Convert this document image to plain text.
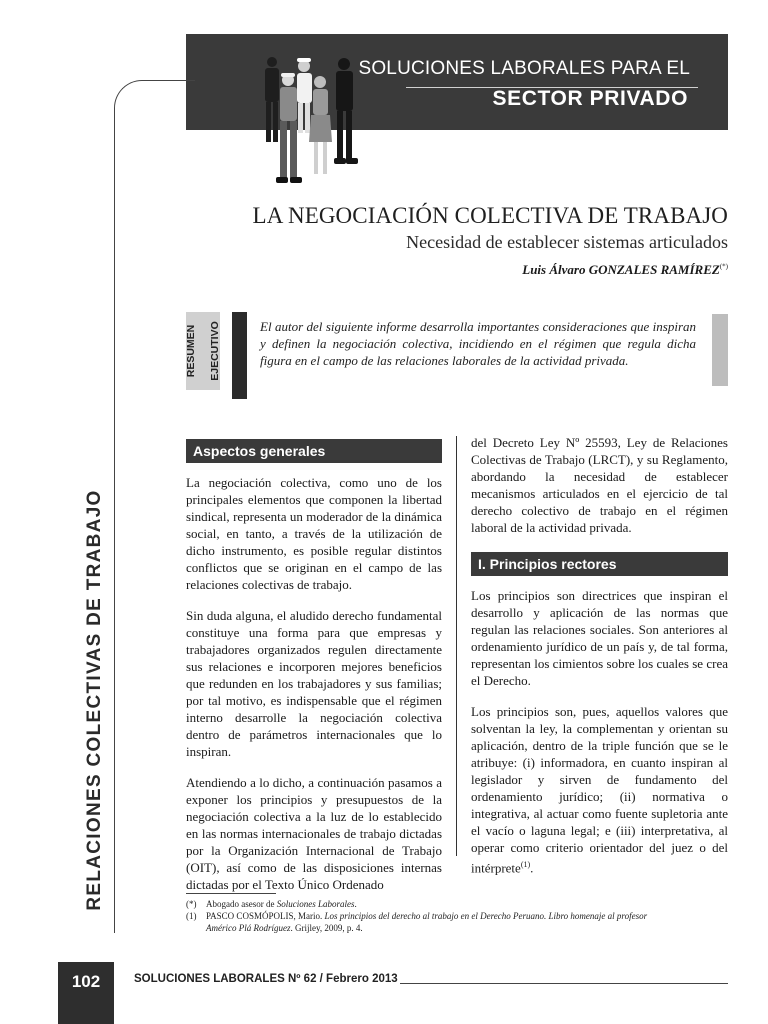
SOLUCIONES LABORALES PARA EL
SECTOR PRIVADO
LA NEGOCIACIÓN COLECTIVA DE TRABAJO
Necesidad de establecer sistemas articulados
Luis Álvaro GONZALES RAMÍREZ(*)
RESUMEN EJECUTIVO	El autor del siguiente informe desarrolla importantes consideraciones que inspiran y definen la negociación colectiva, incidiendo en el régimen que regula dicha figura en el campo de las relaciones laborales de la actividad privada.
Aspectos generales

La negociación colectiva, como uno de los principales elementos que componen la libertad sindical, representa un moderador de la dinámica social, en tanto, a través de la utilización de dicho instrumento, es posible regular distintos conflictos que se originan en el campo de las relaciones colectivas de trabajo.

Sin duda alguna, el aludido derecho fundamental constituye una forma para que empresas y trabajadores organizados regulen directamente sus relaciones e incorporen mejores beneficios que redunden en los trabajadores y sus familias; por tal motivo, es indispensable que el régimen interno desarrolle la negociación colectiva dentro de parámetros internacionales que lo inspiran.

Atendiendo a lo dicho, a continuación pasamos a exponer los principios y presupuestos de la negociación colectiva a la luz de lo establecido en las normas internacionales de trabajo dictadas por la Organización Internacional de Trabajo (OIT), así como de las disposiciones internas dictadas por el Texto Único Ordenado

del Decreto Ley Nº 25593, Ley de Relaciones Colectivas de Trabajo (LRCT), y su Reglamento, abordando la necesidad de establecer mecanismos articulados en el ejercicio de tal derecho colectivo de trabajo en el régimen laboral de la actividad privada.

I. Principios rectores

Los principios son directrices que inspiran el desarrollo y aplicación de las normas que regulan las relaciones sociales. Son anteriores al ordenamiento jurídico de un país y, de tal forma, representan los cimientos sobre los cuales se crea el Derecho.

Los principios son, pues, aquellos valores que solventan la ley, la complementan y orientan su aplicación, dentro de la triple función que se le atribuye: (i) informadora, en cuanto inspiran al legislador y sirven de fundamento del ordenamiento jurídico; (ii) normativa o integrativa, al actuar como fuente supletoria ante el vacío o laguna legal; e (iii) interpretativa, al operar como criterio orientador del juez o del intérprete$^{(1)}$.

(*)	Abogado asesor de Soluciones Laborales.
(1)	PASCO COSMÓPOLIS, Mario. Los principios del derecho al trabajo en el Derecho Peruano. Libro homenaje al profesor
Américo Plá Rodríguez. Grijley, 2009, p. 4.
RELACIONES COLECTIVAS DE TRABAJO
102	SOLUCIONES LABORALES Nº 62 / Febrero 2013
